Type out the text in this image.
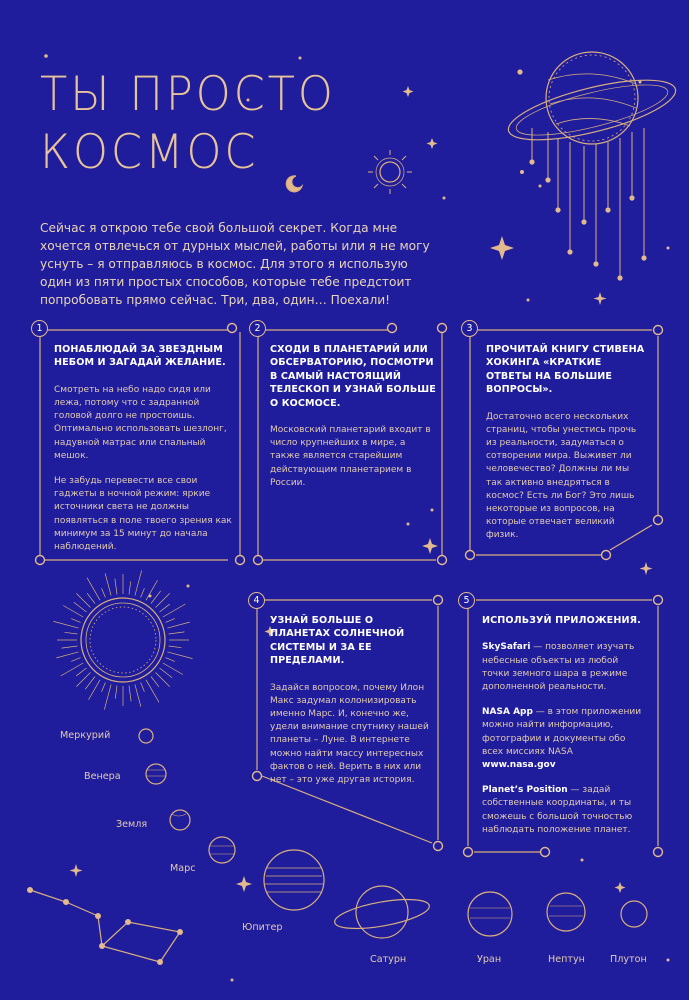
ТЫ ПРОСТО
КОСМОС
Сейчас я открою тебе свой большой секрет. Когда мне хочется отвлечься от дурных мыслей, работы или я не могу уснуть – я отправляюсь в космос. Для этого я использую один из пяти простых способов, которые тебе предстоит попробовать прямо сейчас. Три, два, один… Поехали!
1
ПОНАБЛЮДАЙ ЗА ЗВЕЗДНЫМ НЕБОМ И ЗАГАДАЙ ЖЕЛАНИЕ.

Смотреть на небо надо сидя или лежа, потому что с задранной головой долго не простоишь. Оптимально использовать шезлонг, надувной матрас или спальный мешок.

Не забудь перевести все свои гаджеты в ночной режим: яркие источники света не должны появляться в поле твоего зрения как минимум за 15 минут до начала наблюдений.

2
СХОДИ В ПЛАНЕТАРИЙ ИЛИ ОБСЕРВАТОРИЮ, ПОСМОТРИ В САМЫЙ НАСТОЯЩИЙ ТЕЛЕСКОП И УЗНАЙ БОЛЬШЕ О КОСМОСЕ.

Московский планетарий входит в число крупнейших в мире, а также является старейшим действующим планетарием в России.

3
ПРОЧИТАЙ КНИГУ СТИВЕНА ХОКИНГА «КРАТКИЕ ОТВЕТЫ НА БОЛЬШИЕ ВОПРОСЫ».

Достаточно всего нескольких страниц, чтобы унестись прочь из реальности, задуматься о сотворении мира. Выживет ли человечество? Должны ли мы так активно внедряться в космос? Есть ли Бог? Это лишь некоторые из вопросов, на которые отвечает великий физик.

4
УЗНАЙ БОЛЬШЕ О ПЛАНЕТАХ СОЛНЕЧНОЙ СИСТЕМЫ И ЗА ЕЕ ПРЕДЕЛАМИ.

Задайся вопросом, почему Илон Макс задумал колонизировать именно Марс. И, конечно же, удели внимание спутнику нашей планеты – Луне. В интернете можно найти массу интересных фактов о ней. Верить в них или нет – это уже другая история.

5
ИСПОЛЬЗУЙ ПРИЛОЖЕНИЯ.

SkySafari — позволяет изучать небесные объекты из любой точки земного шара в режиме дополненной реальности.

NASA App — в этом приложении можно найти информацию, фотографии и документы обо всех миссиях NASA
www.nasa.gov

Planet’s Position — задай собственные координаты, и ты сможешь с большой точностью наблюдать положение планет.

Меркурий
Венера
Земля
Марс
Юпитер
Сатурн	Уран	Нептун	Плутон
